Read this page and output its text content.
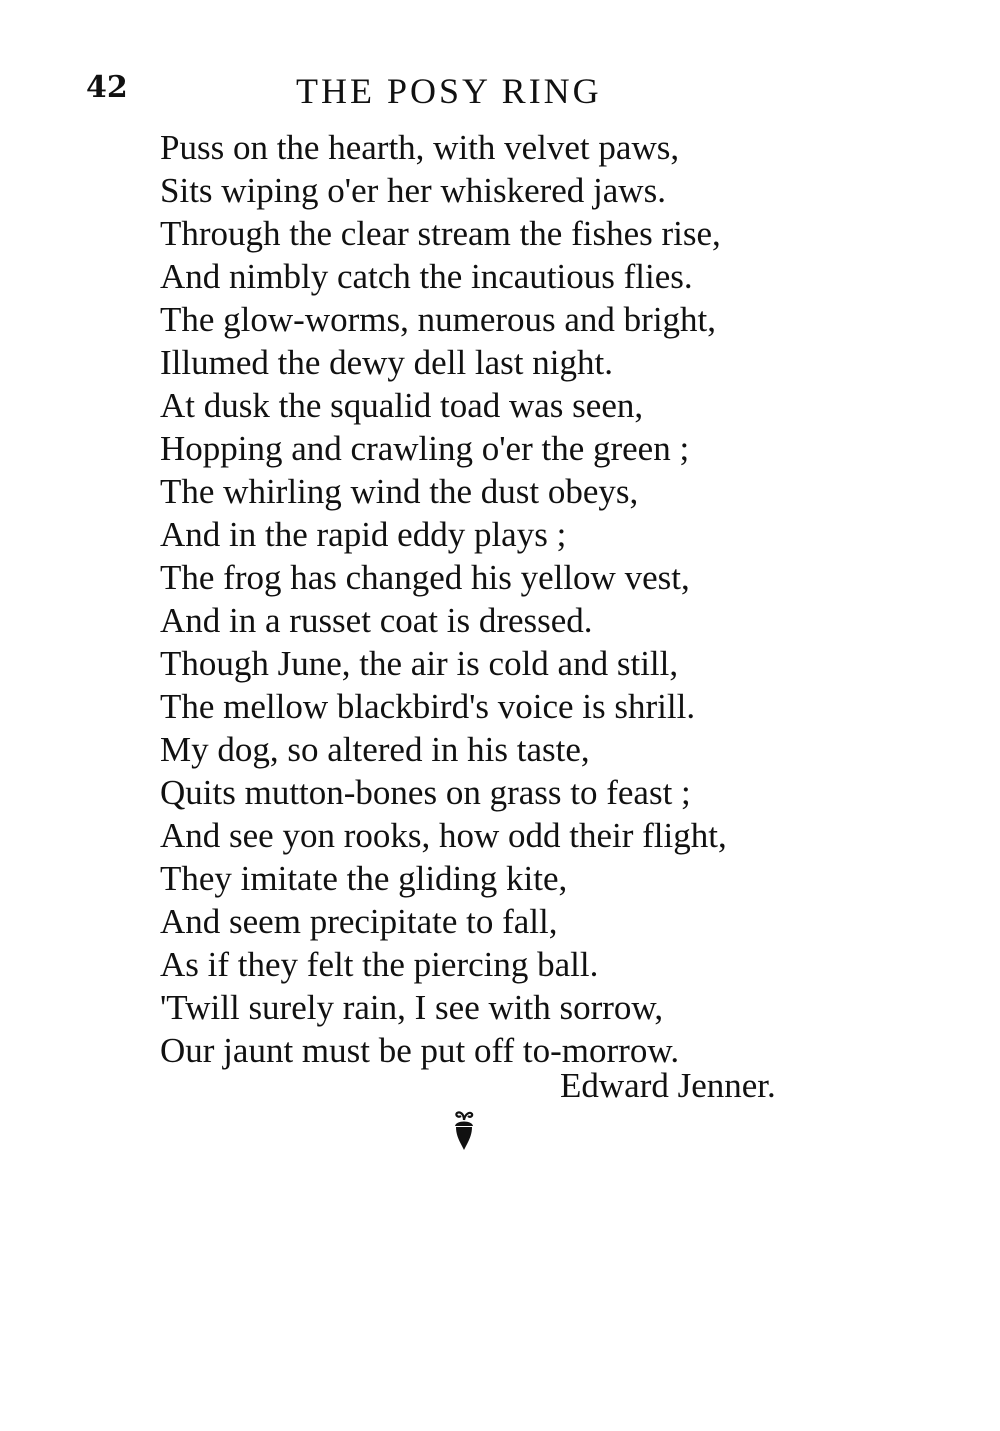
42	THE POSY RING
Puss on the hearth, with velvet paws,
Sits wiping o'er her whiskered jaws.
Through the clear stream the fishes rise,
And nimbly catch the incautious flies.
The glow-worms, numerous and bright,
Illumed the dewy dell last night.
At dusk the squalid toad was seen,
Hopping and crawling o'er the green ;
The whirling wind the dust obeys,
And in the rapid eddy plays ;
The frog has changed his yellow vest,
And in a russet coat is dressed.
Though June, the air is cold and still,
The mellow blackbird's voice is shrill.
My dog, so altered in his taste,
Quits mutton-bones on grass to feast ;
And see yon rooks, how odd their flight,
They imitate the gliding kite,
And seem precipitate to fall,
As if they felt the piercing ball.
'Twill surely rain, I see with sorrow,
Our jaunt must be put off to-morrow.
Edward Jenner.
